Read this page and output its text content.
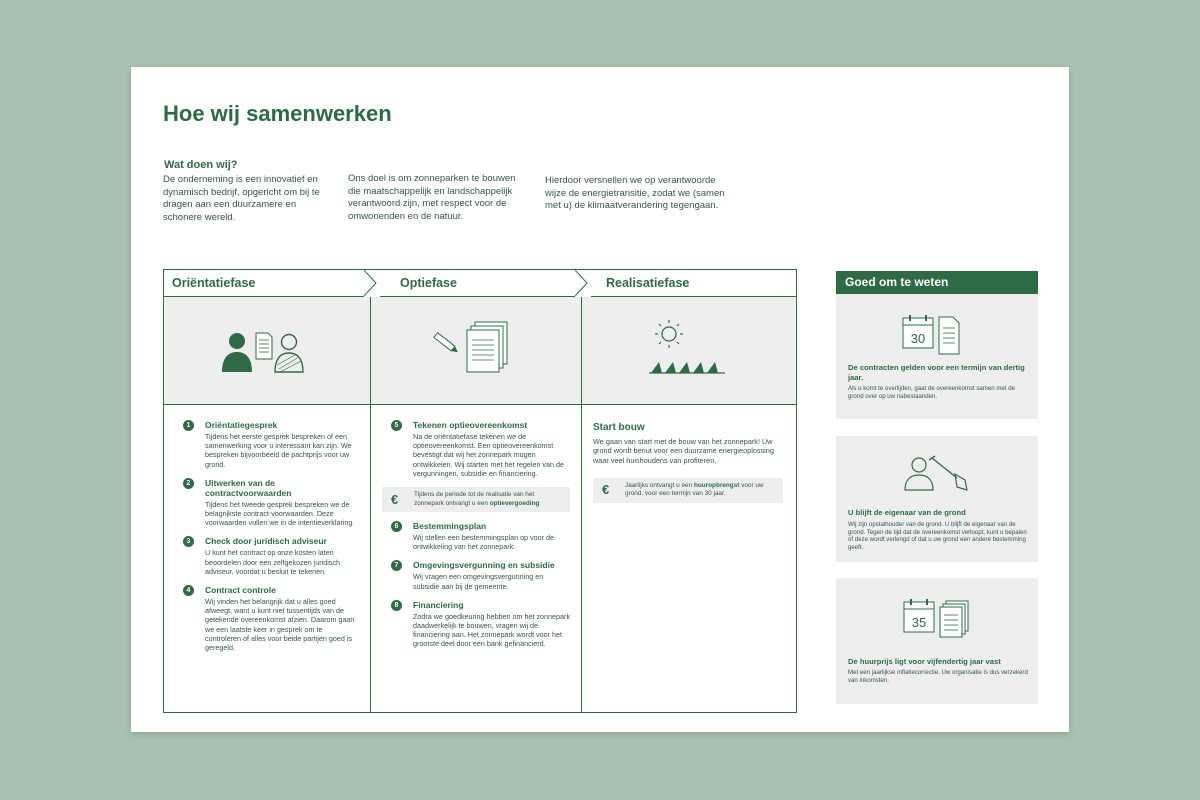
Hoe wij samenwerken
Wat doen wij?
De onderneming is een innovatief en dynamisch bedrijf, opgericht om bij te dragen aan een duurzamere en schonere wereld.
Ons doel is om zonneparken te bouwen die maatschappelijk en landschappelijk verantwoord zijn, met respect voor de omwonenden en de natuur.
Hierdoor versnellen we op verantwoorde wijze de energietransitie, zodat we (samen met u) de klimaatverandering tegengaan.
Oriëntatiefase	Optiefase	Realisatiefase
1	Oriëntatiegesprek
Tijdens het eerste gesprek bespreken of een samenwerking voor u interessant kan zijn. We bespreken bijvoorbeeld de pachtprijs voor uw grond.
2	Uitwerken van de contractvoorwaarden
Tijdens het tweede gesprek bespreken we de belagrijkste contract-voorwaarden. Deze voorwaarden vullen we in de intentieverklaring.
3	Check door juridisch adviseur
U kunt het contract op onze kosten laten beoordelen door een zelfgekozen juridisch adviseur, voordat u besluit te tekenen.
4	Contract controle
Wij vinden het belangrijk dat u alles goed afweegt, want u kunt niet tussentijds van de getekende overeenkomst afzien. Daarom gaan we een laatste keer in gesprek om te controleren of alles voor beide partijen goed is geregeld.
5	Tekenen optieovereenkomst
Na de oriëntatiefase tekenen we de optieovereenkomst. Een optieovereenkomst bevestigt dat wij het zonnepark mogen ontwikkelen. Wij starten met het regelen van de vergunningen, subsidie en financiering.
€ Tijdens de periode tot de realisatie van het zonnepark ontvangt u een optievergoeding
6	Bestemmingsplan
Wij stellen een bestemmingsplan op voor de ontwikkeling van het zonnepark.
7	Omgevingsvergunning en subsidie
Wij vragen een omgevingsvergunning en subsidie aan bij de gemeente.
8	Financiering
Zodra we goedkeuring hebben om het zonnepark daadwerkelijk te bouwen, vragen wij de financiering aan. Het zonnepark wordt voor het grootste deel door een bank gefinancierd.
Start bouw
We gaan van start met de bouw van het zonnepark! Uw grond wordt benut voor een duurzame energieoplossing waar veel huishoudens van profiteren.
€ Jaarlijks ontvangt u een huuropbrengst voor uw grond, voor een termijn van 30 jaar.
Goed om te weten
30
De contracten gelden voor een termijn van dertig jaar.
Als u komt te overlijden, gaat de overeenkomst samen met de grond over op uw nabestaanden.
U blijft de eigenaar van de grond
Wij zijn opstalhouder van de grond. U blijft de eigenaar van de grond. Tegen de tijd dat de overeenkomst verloopt, kunt u bepalen of deze wordt verlengd of dat u uw grond een andere bestemming geeft.
35
De huurprijs ligt voor vijfendertig jaar vast
Met een jaarlijkse inflatiecorrectie. Uw organisatie is dus verzekerd van inkomsten.
